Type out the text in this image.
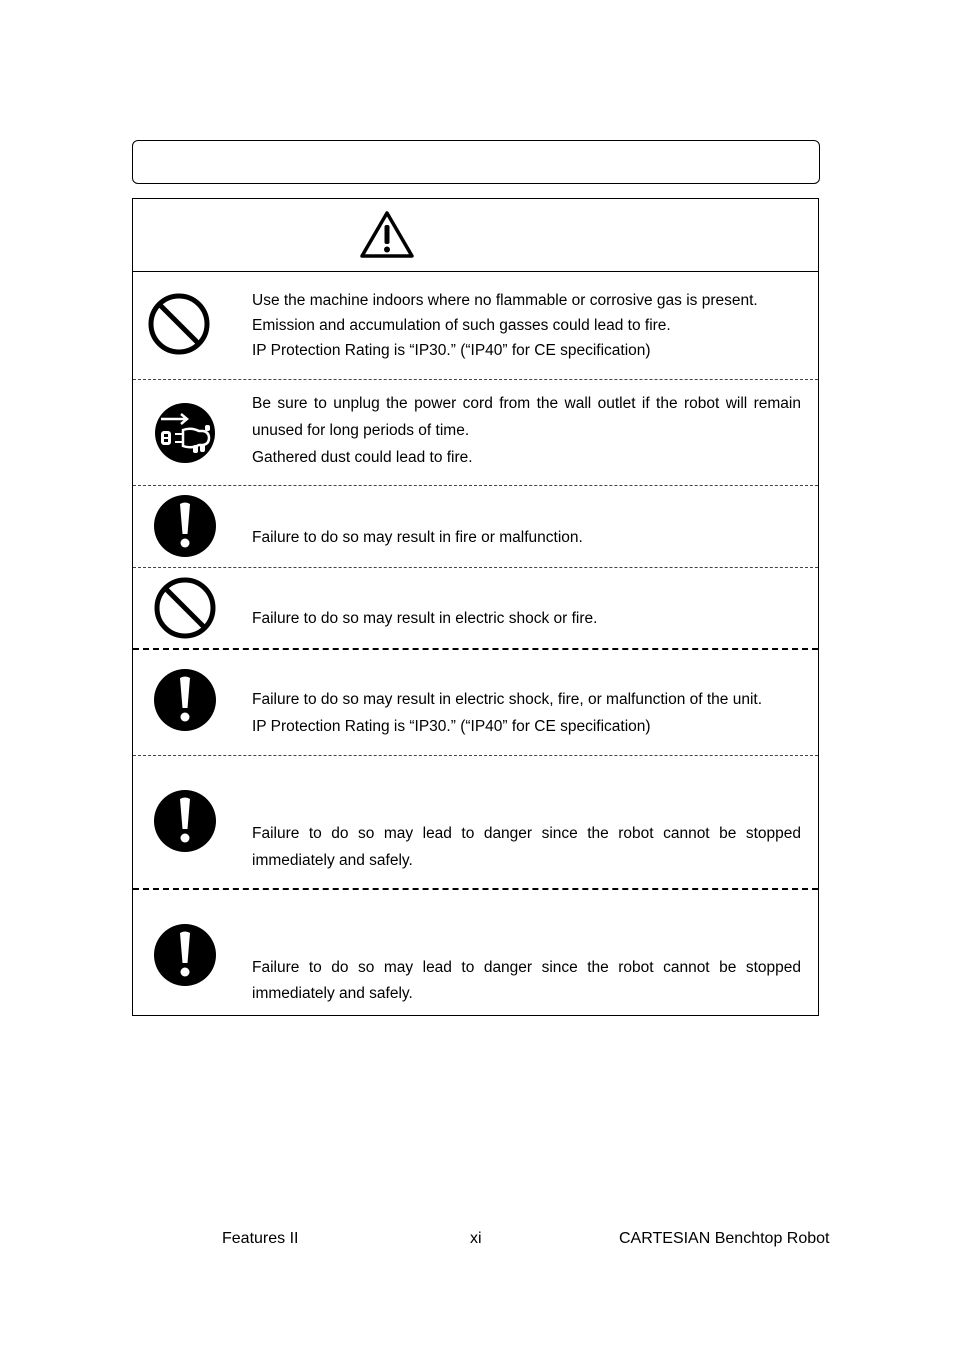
Use the machine indoors where no flammable or corrosive gas is present.

Emission and accumulation of such gasses could lead to fire.

IP Protection Rating is “IP30.” (“IP40” for CE specification)

Be sure to unplug the power cord from the wall outlet if the robot will remain unused for long periods of time.

Gathered dust could lead to fire.

Failure to do so may result in fire or malfunction.

Failure to do so may result in electric shock or fire.

Failure to do so may result in electric shock, fire, or malfunction of the unit.

IP Protection Rating is “IP30.” (“IP40” for CE specification)

Failure to do so may lead to danger since the robot cannot be stopped immediately and safely.

Failure to do so may lead to danger since the robot cannot be stopped immediately and safely.

Features II	xi	CARTESIAN Benchtop Robot
